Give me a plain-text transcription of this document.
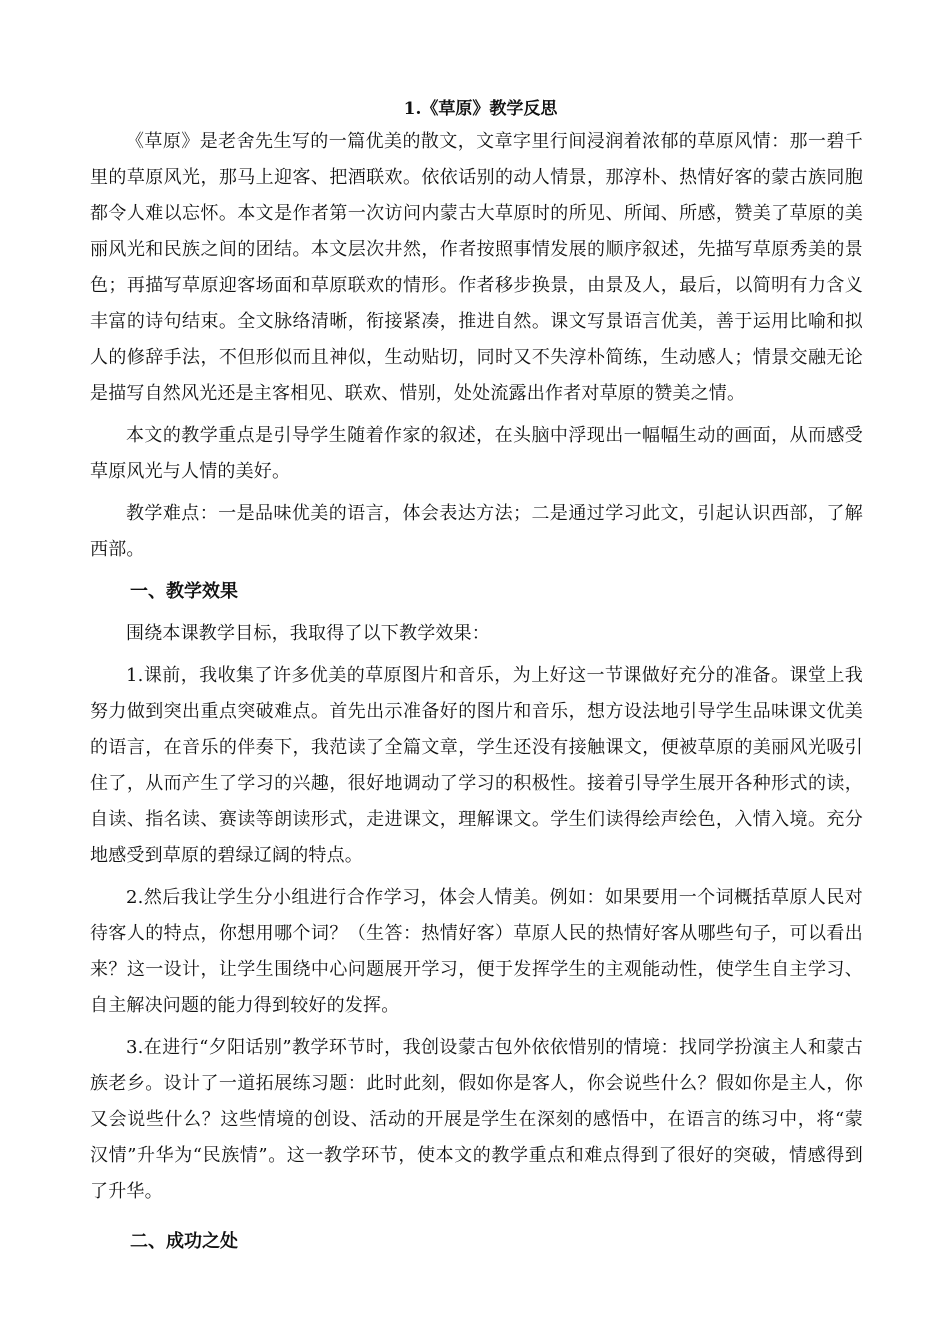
1.《草原》教学反思

《草原》是老舍先生写的一篇优美的散文，文章字里行间浸润着浓郁的草原风情：那一碧千里的草原风光，那马上迎客、把酒联欢。依依话别的动人情景，那淳朴、热情好客的蒙古族同胞都令人难以忘怀。本文是作者第一次访问内蒙古大草原时的所见、所闻、所感，赞美了草原的美丽风光和民族之间的团结。本文层次井然，作者按照事情发展的顺序叙述，先描写草原秀美的景色；再描写草原迎客场面和草原联欢的情形。作者移步换景，由景及人，最后，以简明有力含义丰富的诗句结束。全文脉络清晰，衔接紧凑，推进自然。课文写景语言优美，善于运用比喻和拟人的修辞手法，不但形似而且神似，生动贴切，同时又不失淳朴简练，生动感人；情景交融无论是描写自然风光还是主客相见、联欢、惜别，处处流露出作者对草原的赞美之情。

本文的教学重点是引导学生随着作家的叙述，在头脑中浮现出一幅幅生动的画面，从而感受草原风光与人情的美好。

教学难点：一是品味优美的语言，体会表达方法；二是通过学习此文，引起认识西部，了解西部。

一、教学效果

围绕本课教学目标，我取得了以下教学效果：

1.课前，我收集了许多优美的草原图片和音乐，为上好这一节课做好充分的准备。课堂上我努力做到突出重点突破难点。首先出示准备好的图片和音乐，想方设法地引导学生品味课文优美的语言，在音乐的伴奏下，我范读了全篇文章，学生还没有接触课文，便被草原的美丽风光吸引住了，从而产生了学习的兴趣，很好地调动了学习的积极性。接着引导学生展开各种形式的读，自读、指名读、赛读等朗读形式，走进课文，理解课文。学生们读得绘声绘色，入情入境。充分地感受到草原的碧绿辽阔的特点。

2.然后我让学生分小组进行合作学习，体会人情美。例如：如果要用一个词概括草原人民对待客人的特点，你想用哪个词？（生答：热情好客）草原人民的热情好客从哪些句子，可以看出来？这一设计，让学生围绕中心问题展开学习，便于发挥学生的主观能动性，使学生自主学习、自主解决问题的能力得到较好的发挥。

3.在进行“夕阳话别”教学环节时，我创设蒙古包外依依惜别的情境：找同学扮演主人和蒙古族老乡。设计了一道拓展练习题：此时此刻，假如你是客人，你会说些什么？假如你是主人，你又会说些什么？这些情境的创设、活动的开展是学生在深刻的感悟中，在语言的练习中，将“蒙汉情”升华为“民族情”。这一教学环节，使本文的教学重点和难点得到了很好的突破，情感得到了升华。

二、成功之处
